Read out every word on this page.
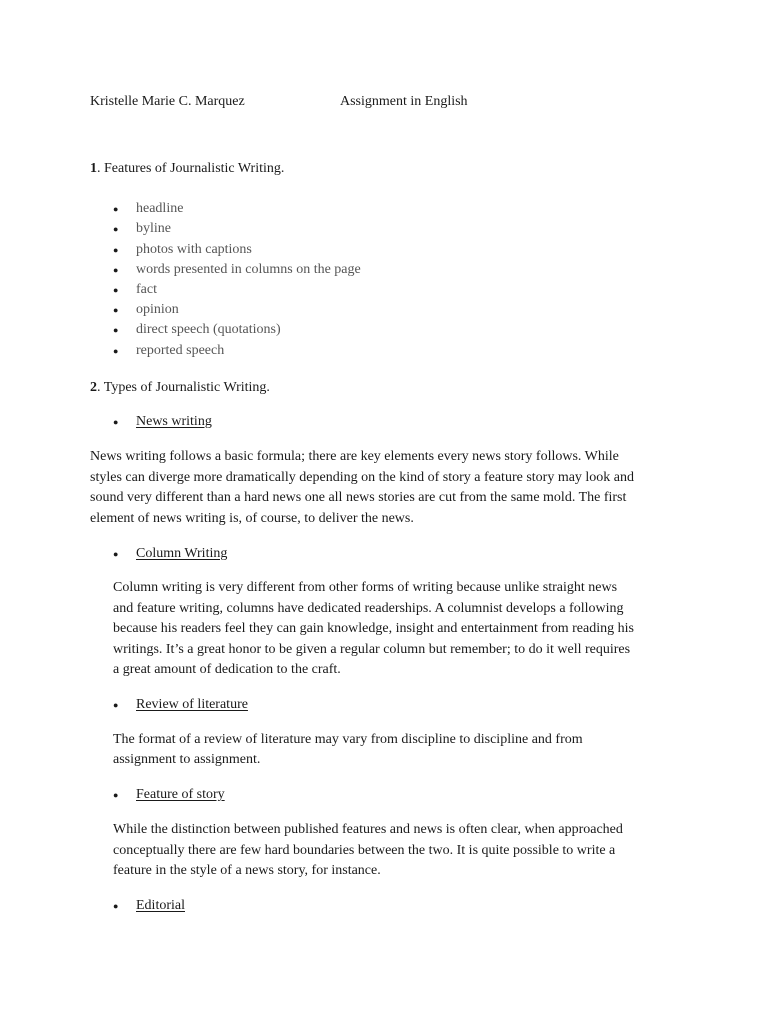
Kristelle Marie C. Marquez	Assignment in English
1. Features of Journalistic Writing.
● headline
● byline
● photos with captions
● words presented in columns on the page
● fact
● opinion
● direct speech (quotations)
● reported speech
2. Types of Journalistic Writing.
● News writing
News writing follows a basic formula; there are key elements every news story follows. While
styles can diverge more dramatically depending on the kind of story a feature story may look and
sound very different than a hard news one all news stories are cut from the same mold. The first
element of news writing is, of course, to deliver the news.
● Column Writing
Column writing is very different from other forms of writing because unlike straight news
and feature writing, columns have dedicated readerships. A columnist develops a following
because his readers feel they can gain knowledge, insight and entertainment from reading his
writings. It’s a great honor to be given a regular column but remember; to do it well requires
a great amount of dedication to the craft.
● Review of literature
The format of a review of literature may vary from discipline to discipline and from
assignment to assignment.
● Feature of story
While the distinction between published features and news is often clear, when approached
conceptually there are few hard boundaries between the two. It is quite possible to write a
feature in the style of a news story, for instance.
● Editorial
